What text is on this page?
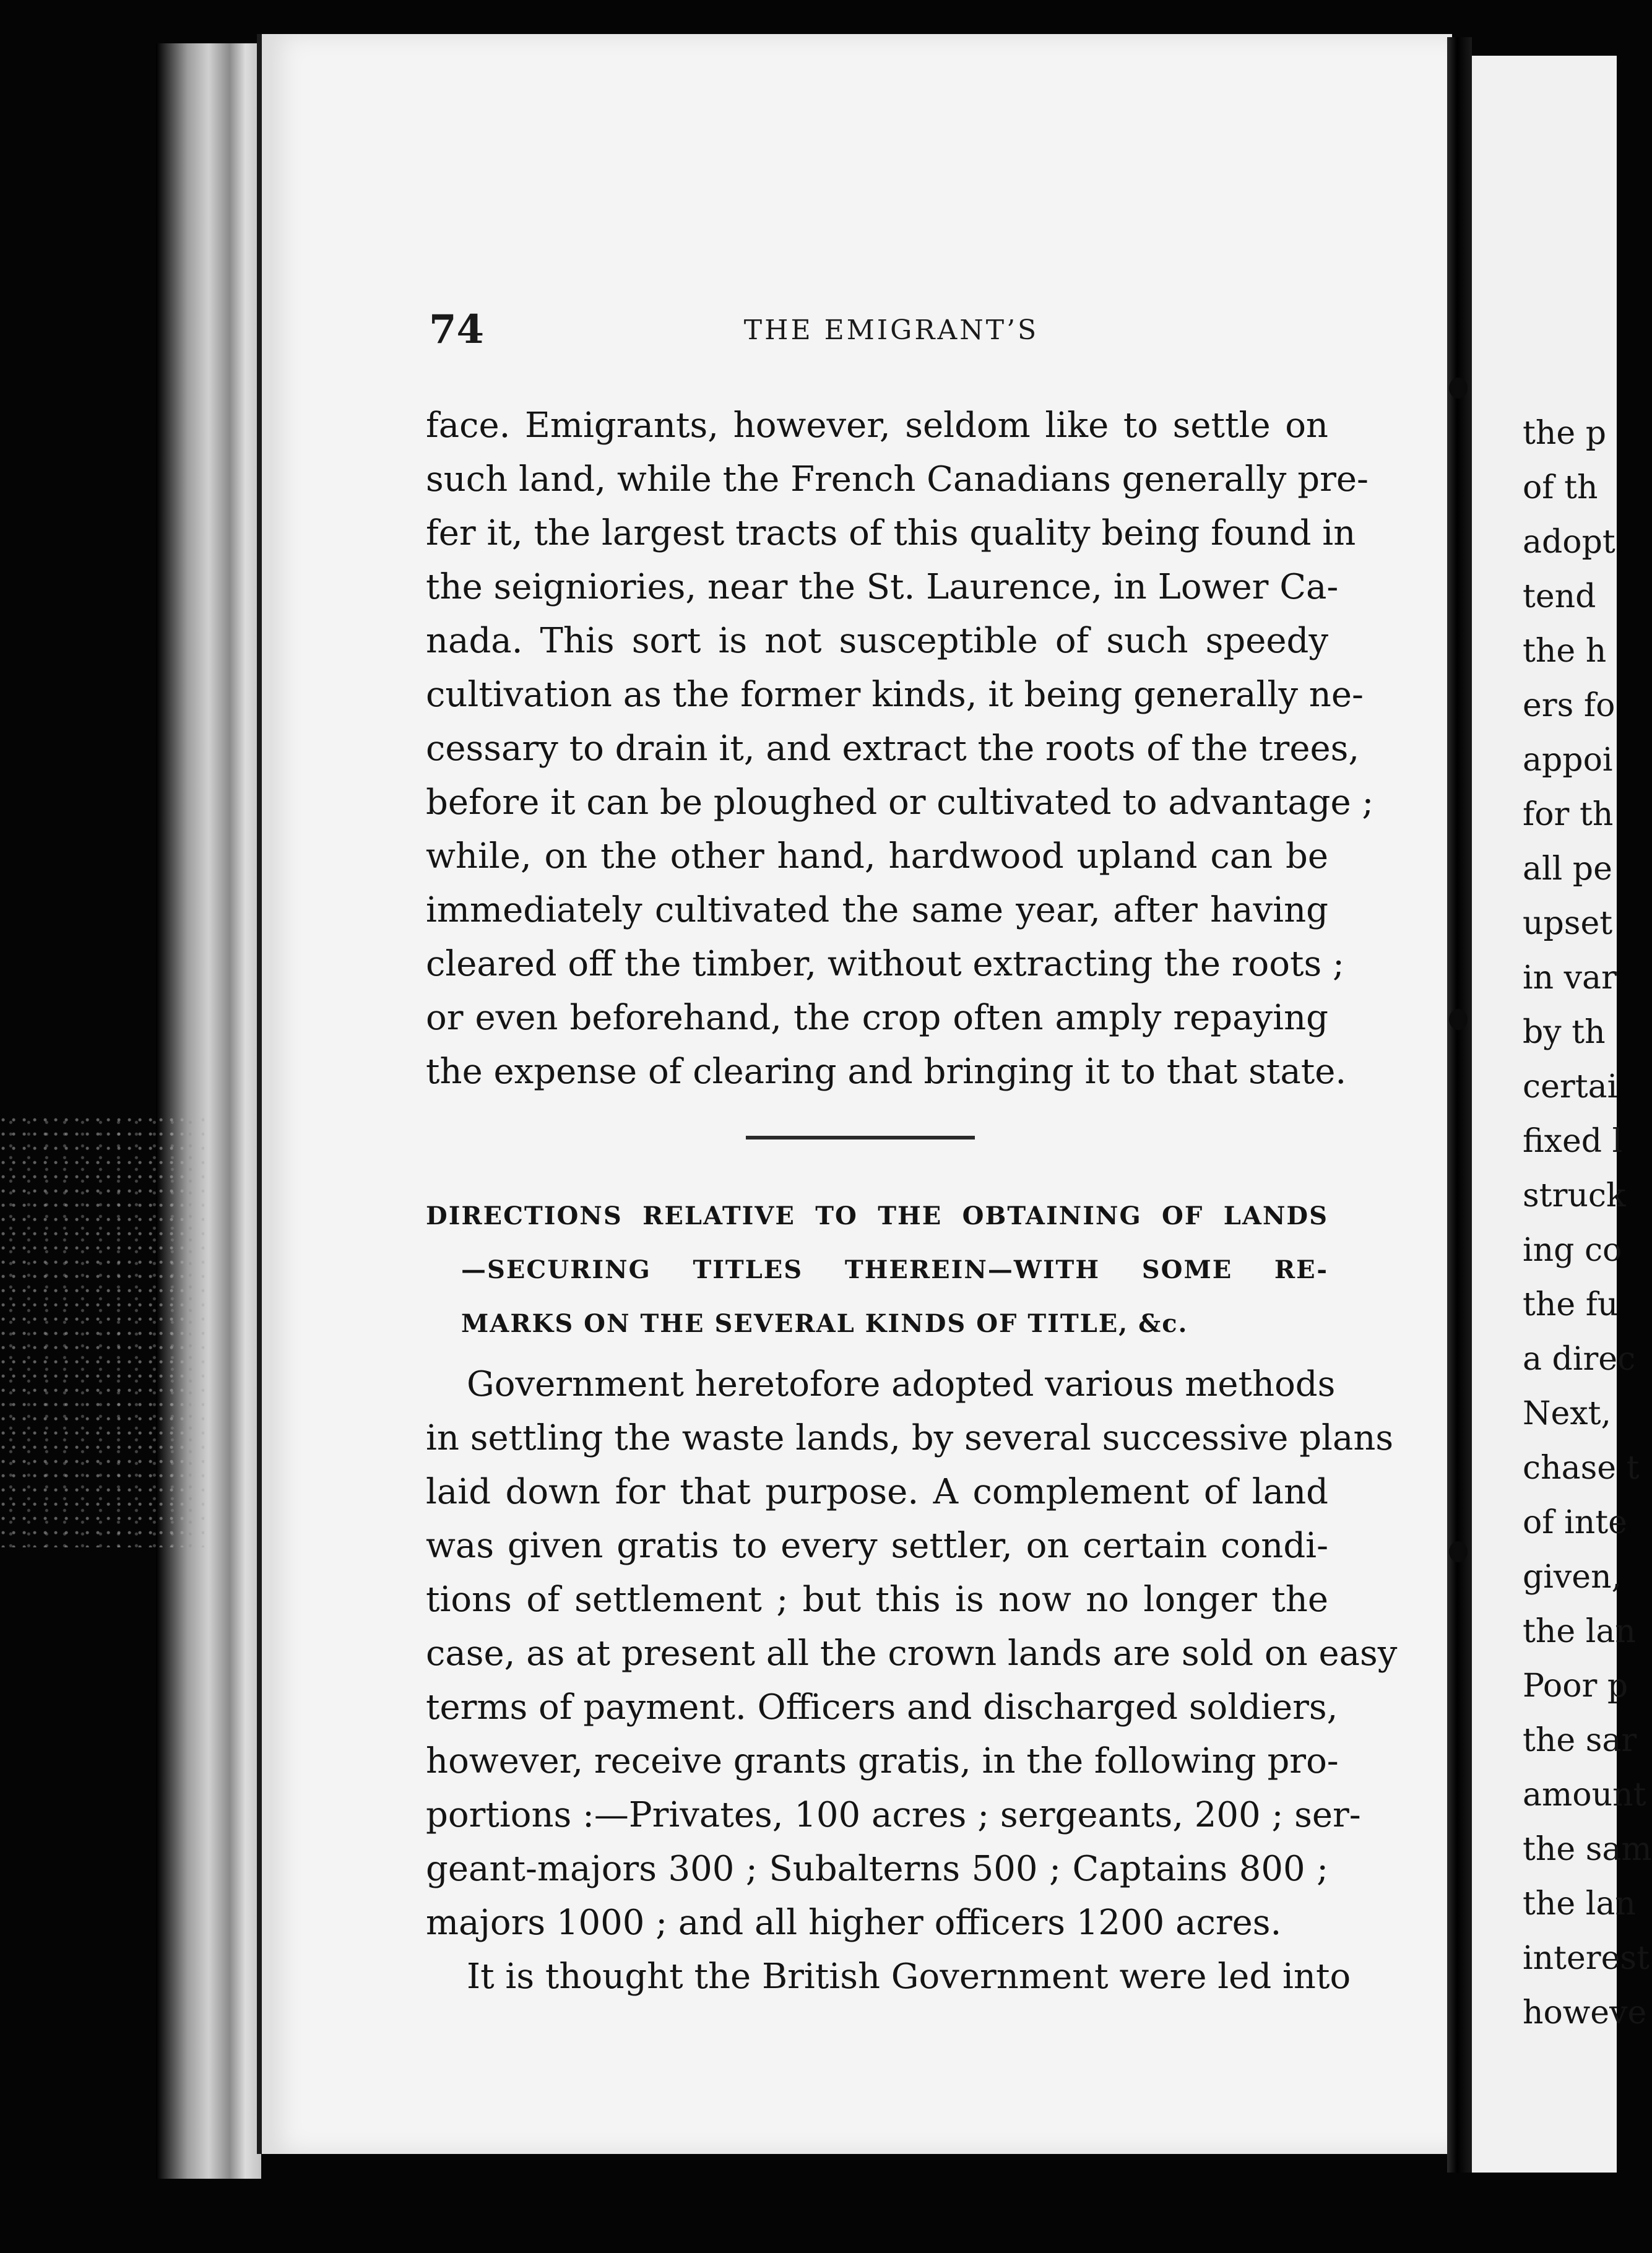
74	THE EMIGRANT’S
face. Emigrants, however, seldom like to settle on
such land, while the French Canadians generally pre-
fer it, the largest tracts of this quality being found in
the seigniories, near the St. Laurence, in Lower Ca-
nada. This sort is not susceptible of such speedy
cultivation as the former kinds, it being generally ne-
cessary to drain it, and extract the roots of the trees,
before it can be ploughed or cultivated to advantage ;
while, on the other hand, hardwood upland can be
immediately cultivated the same year, after having
cleared off the timber, without extracting the roots ;
or even beforehand, the crop often amply repaying
the expense of clearing and bringing it to that state.
DIRECTIONS RELATIVE TO THE OBTAINING OF LANDS
—SECURING TITLES THEREIN—WITH SOME RE-
MARKS ON THE SEVERAL KINDS OF TITLE, &c.
Government heretofore adopted various methods
in settling the waste lands, by several successive plans
laid down for that purpose. A complement of land
was given gratis to every settler, on certain condi-
tions of settlement ; but this is now no longer the
case, as at present all the crown lands are sold on easy
terms of payment. Officers and discharged soldiers,
however, receive grants gratis, in the following pro-
portions :—Privates, 100 acres ; sergeants, 200 ; ser-
geant-majors 300 ; Subalterns 500 ; Captains 800 ;
majors 1000 ; and all higher officers 1200 acres.
It is thought the British Government were led into
the p
of th
adopt
tend
the h
ers fo
appoi
for th
all pe
upset
in var
by th
certai
fixed l
struck
ing co
the fu
a direc
Next,
chase t
of inte
given,
the lan
Poor p
the sar
amount
the sam
the lan
interest
howeve
